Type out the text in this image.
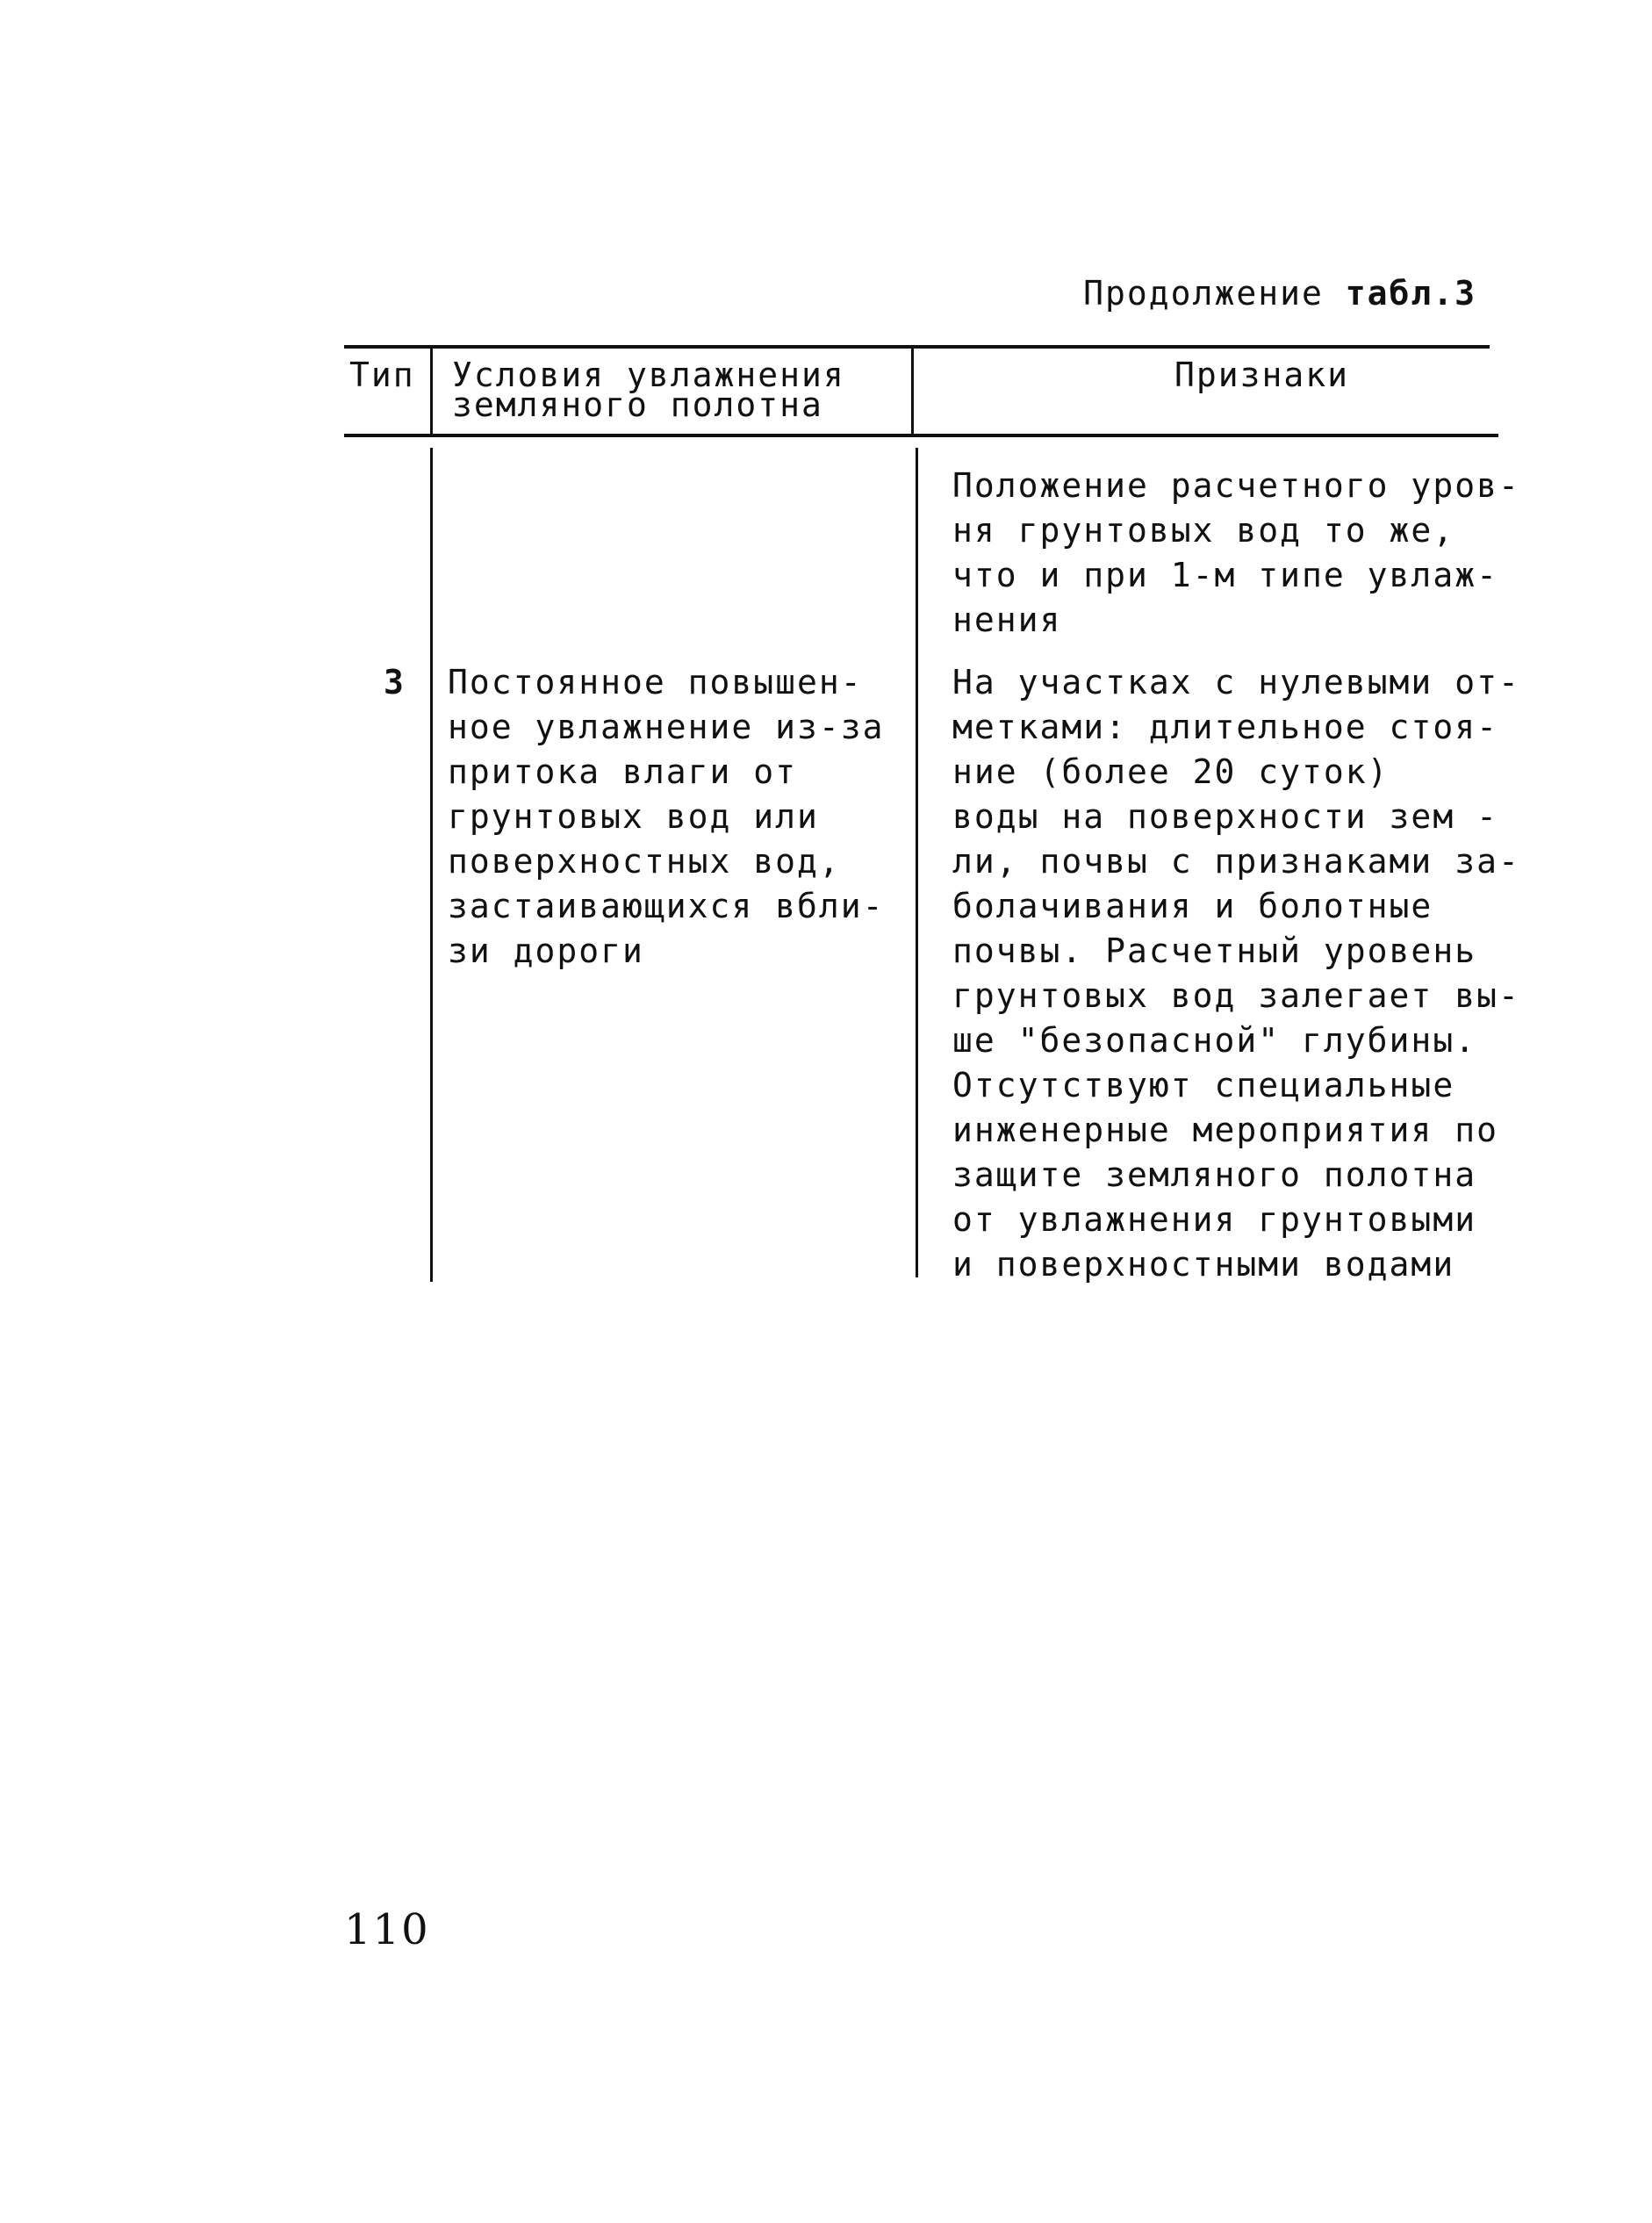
Продолжение табл.3
Тип Условия увлажнения
земляного полотна
Признаки
Положение расчетного уров-
ня грунтовых вод то же,
что и при 1-м типе увлаж-
нения
3 Постоянное повышен-
ное увлажнение из-за
притока влаги от
грунтовых вод или
поверхностных вод,
застаивающихся вбли-
зи дороги
На участках с нулевыми от-
метками: длительное стоя-
ние (более 20 суток)
воды на поверхности зем -
ли, почвы с признаками за-
болачивания и болотные
почвы. Расчетный уровень
грунтовых вод залегает вы-
ше "безопасной" глубины.
Отсутствуют специальные
инженерные мероприятия по
защите земляного полотна
от увлажнения грунтовыми
и поверхностными водами
110
